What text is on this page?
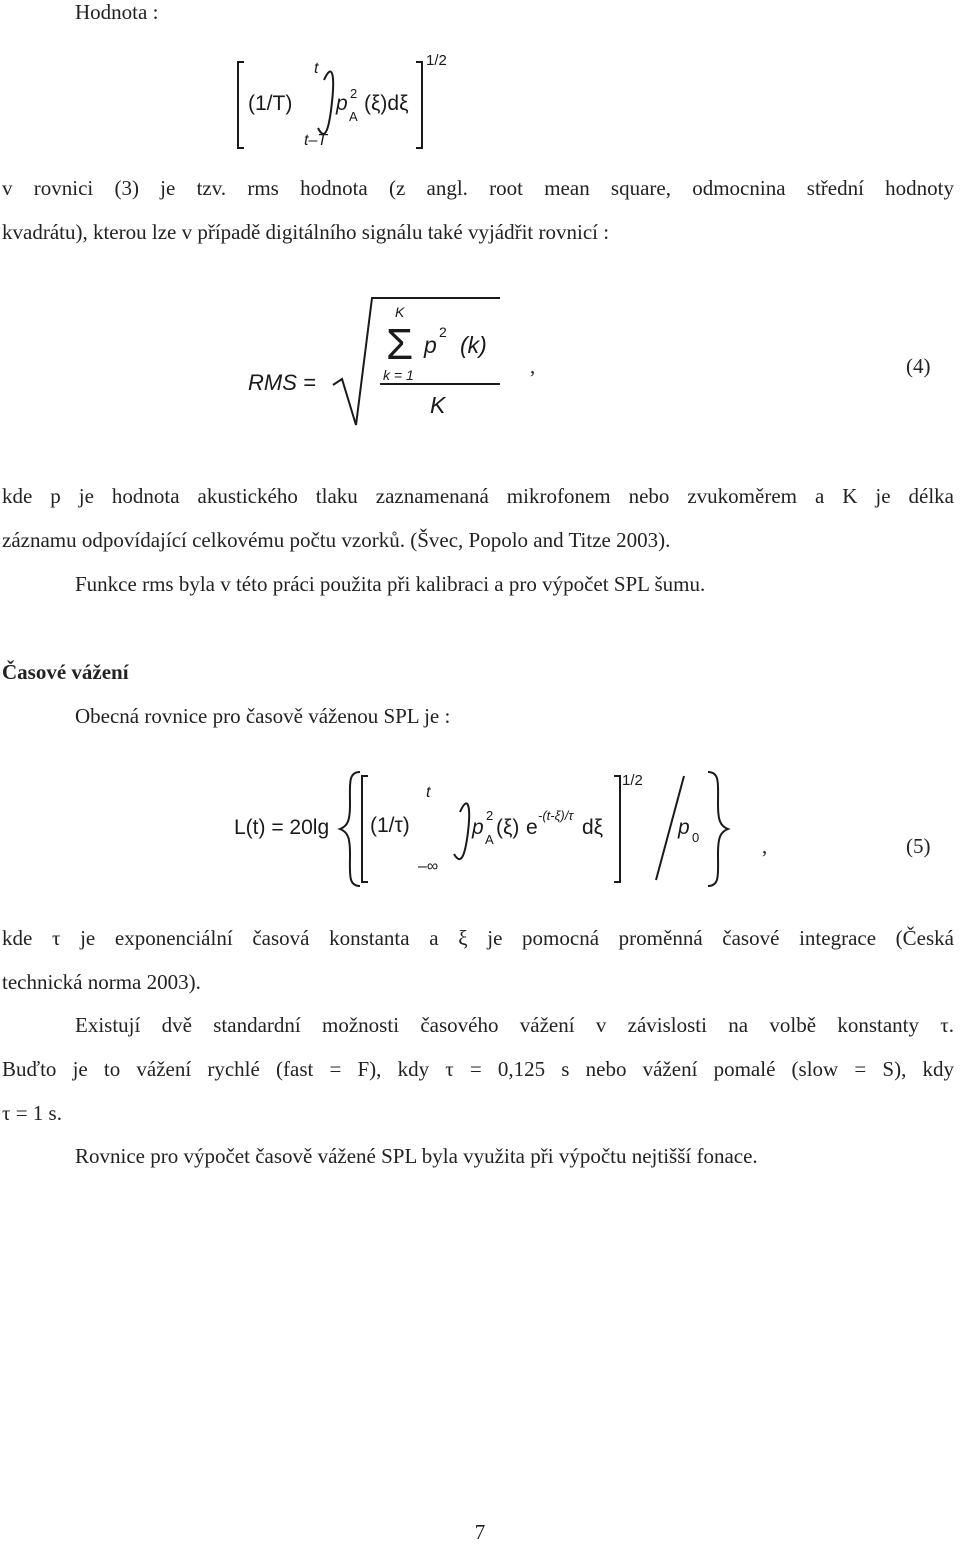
Hodnota :
t
t–T
(1/T) p 2
A
(ξ)dξ
1/2
v rovnici (3) je tzv. rms hodnota (z angl. root mean square, odmocnina střední hodnoty
kvadrátu), kterou lze v případě digitálního signálu také vyjádřit rovnicí :
RMS =
Σ
K
k = 1
p 2 (k)
K
,	(4)
kde p je hodnota akustického tlaku zaznamenaná mikrofonem nebo zvukoměrem a K je délka
záznamu odpovídající celkovému počtu vzorků. (Švec, Popolo and Titze 2003).
Funkce rms byla v této práci použita při kalibraci a pro výpočet SPL šumu.
Časové vážení
Obecná rovnice pro časově váženou SPL je :
L(t) = 20lg
t
–∞
(1/τ)	p
2
A
(ξ) e
-(t-ξ)/τ
dξ
1/2
p 0	,	(5)
kde τ je exponenciální časová konstanta a ξ je pomocná proměnná časové integrace (Česká
technická norma 2003).
Existují dvě standardní možnosti časového vážení v závislosti na volbě konstanty τ.
Buďto je to vážení rychlé (fast = F), kdy τ = 0,125 s nebo vážení pomalé (slow = S), kdy
τ = 1 s.
Rovnice pro výpočet časově vážené SPL byla využita při výpočtu nejtišší fonace.
7
